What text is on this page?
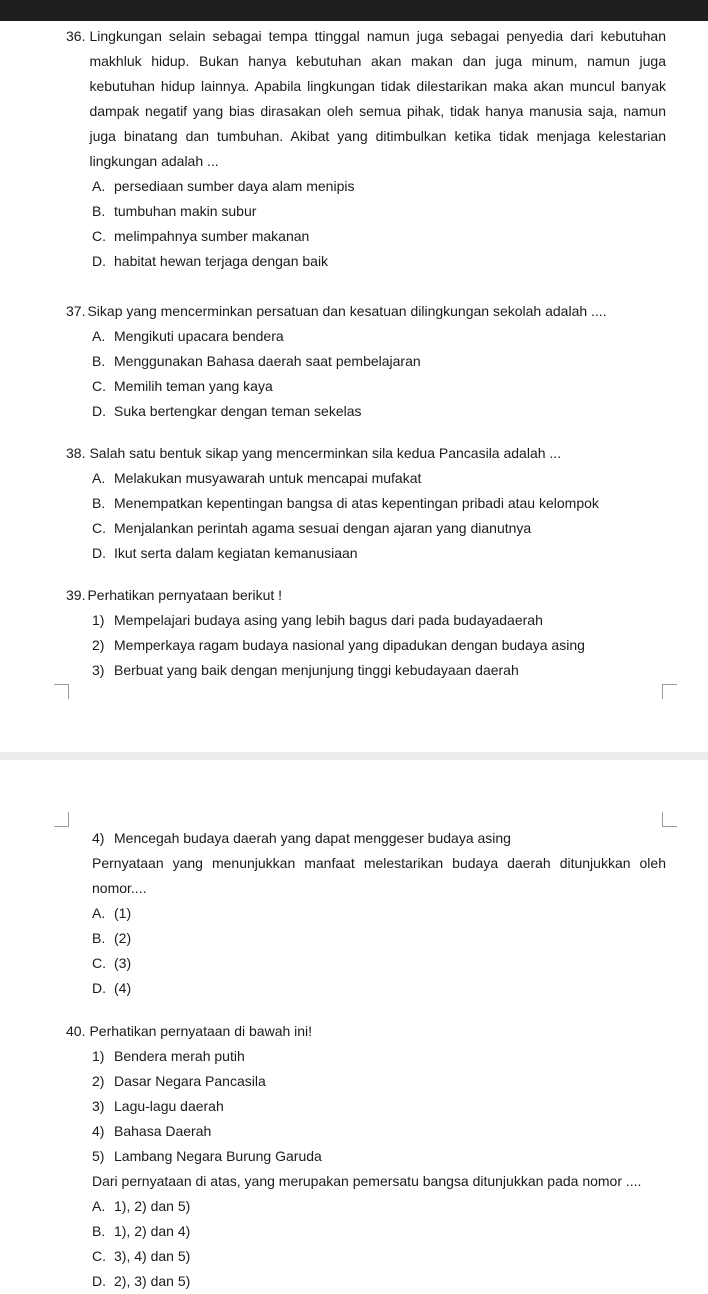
36. Lingkungan selain sebagai tempa ttinggal namun juga sebagai penyedia dari kebutuhan makhluk hidup. Bukan hanya kebutuhan akan makan dan juga minum, namun juga kebutuhan hidup lainnya. Apabila lingkungan tidak dilestarikan maka akan muncul banyak dampak negatif yang bias dirasakan oleh semua pihak, tidak hanya manusia saja, namun juga binatang dan tumbuhan. Akibat yang ditimbulkan ketika tidak menjaga kelestarian lingkungan adalah ...
A. persediaan sumber daya alam menipis
B. tumbuhan makin subur
C. melimpahnya sumber makanan
D. habitat hewan terjaga dengan baik
37. Sikap yang mencerminkan persatuan dan kesatuan dilingkungan sekolah adalah ....
A. Mengikuti upacara bendera
B. Menggunakan Bahasa daerah saat pembelajaran
C. Memilih teman yang kaya
D. Suka bertengkar dengan teman sekelas
38. Salah satu bentuk sikap yang mencerminkan sila kedua Pancasila adalah ...
A. Melakukan musyawarah untuk mencapai mufakat
B. Menempatkan kepentingan bangsa di atas kepentingan pribadi atau kelompok
C. Menjalankan perintah agama sesuai dengan ajaran yang dianutnya
D. Ikut serta dalam kegiatan kemanusiaan
39. Perhatikan pernyataan berikut !
1) Mempelajari budaya asing yang lebih bagus dari pada budayadaerah
2) Memperkaya ragam budaya nasional yang dipadukan dengan budaya asing
3) Berbuat yang baik dengan menjunjung tinggi kebudayaan daerah
4) Mencegah budaya daerah yang dapat menggeser budaya asing
Pernyataan yang menunjukkan manfaat melestarikan budaya daerah ditunjukkan oleh nomor....
A. (1)
B. (2)
C. (3)
D. (4)
40. Perhatikan pernyataan di bawah ini!
1) Bendera merah putih
2) Dasar Negara Pancasila
3) Lagu-lagu daerah
4) Bahasa Daerah
5) Lambang Negara Burung Garuda
Dari pernyataan di atas, yang merupakan pemersatu bangsa ditunjukkan pada nomor ....
A. 1), 2) dan 5)
B. 1), 2) dan 4)
C. 3), 4) dan 5)
D. 2), 3) dan 5)
